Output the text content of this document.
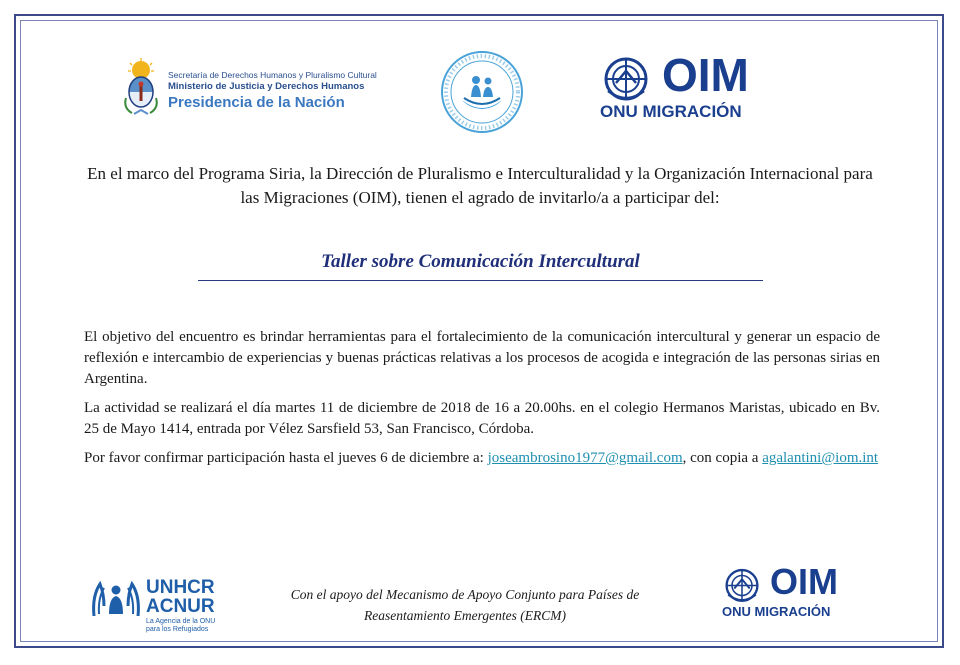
Secretaría de Derechos Humanos y Pluralismo Cultural
Ministerio de Justicia y Derechos Humanos
Presidencia de la Nación
OIM
ONU MIGRACIÓN
En el marco del Programa Siria, la Dirección de Pluralismo e Interculturalidad y la Organización Internacional para las Migraciones (OIM), tienen el agrado de invitarlo/a a participar del:
Taller sobre Comunicación Intercultural
El objetivo del encuentro es brindar herramientas para el fortalecimiento de la comunicación intercultural y generar un espacio de reflexión e intercambio de experiencias y buenas prácticas relativas a los procesos de acogida e integración de las personas sirias en Argentina.
La actividad se realizará el día martes 11 de diciembre de 2018 de 16 a 20.00hs. en el colegio Hermanos Maristas, ubicado en Bv. 25 de Mayo 1414, entrada por Vélez Sarsfield 53, San Francisco, Córdoba.
Por favor confirmar participación hasta el jueves 6 de diciembre a: joseambrosino1977@gmail.com, con copia a agalantini@iom.int
UNHCR
ACNUR
La Agencia de la ONU
para los Refugiados
Con el apoyo del Mecanismo de Apoyo Conjunto para Países de Reasentamiento Emergentes (ERCM)
OIM
ONU MIGRACIÓN
